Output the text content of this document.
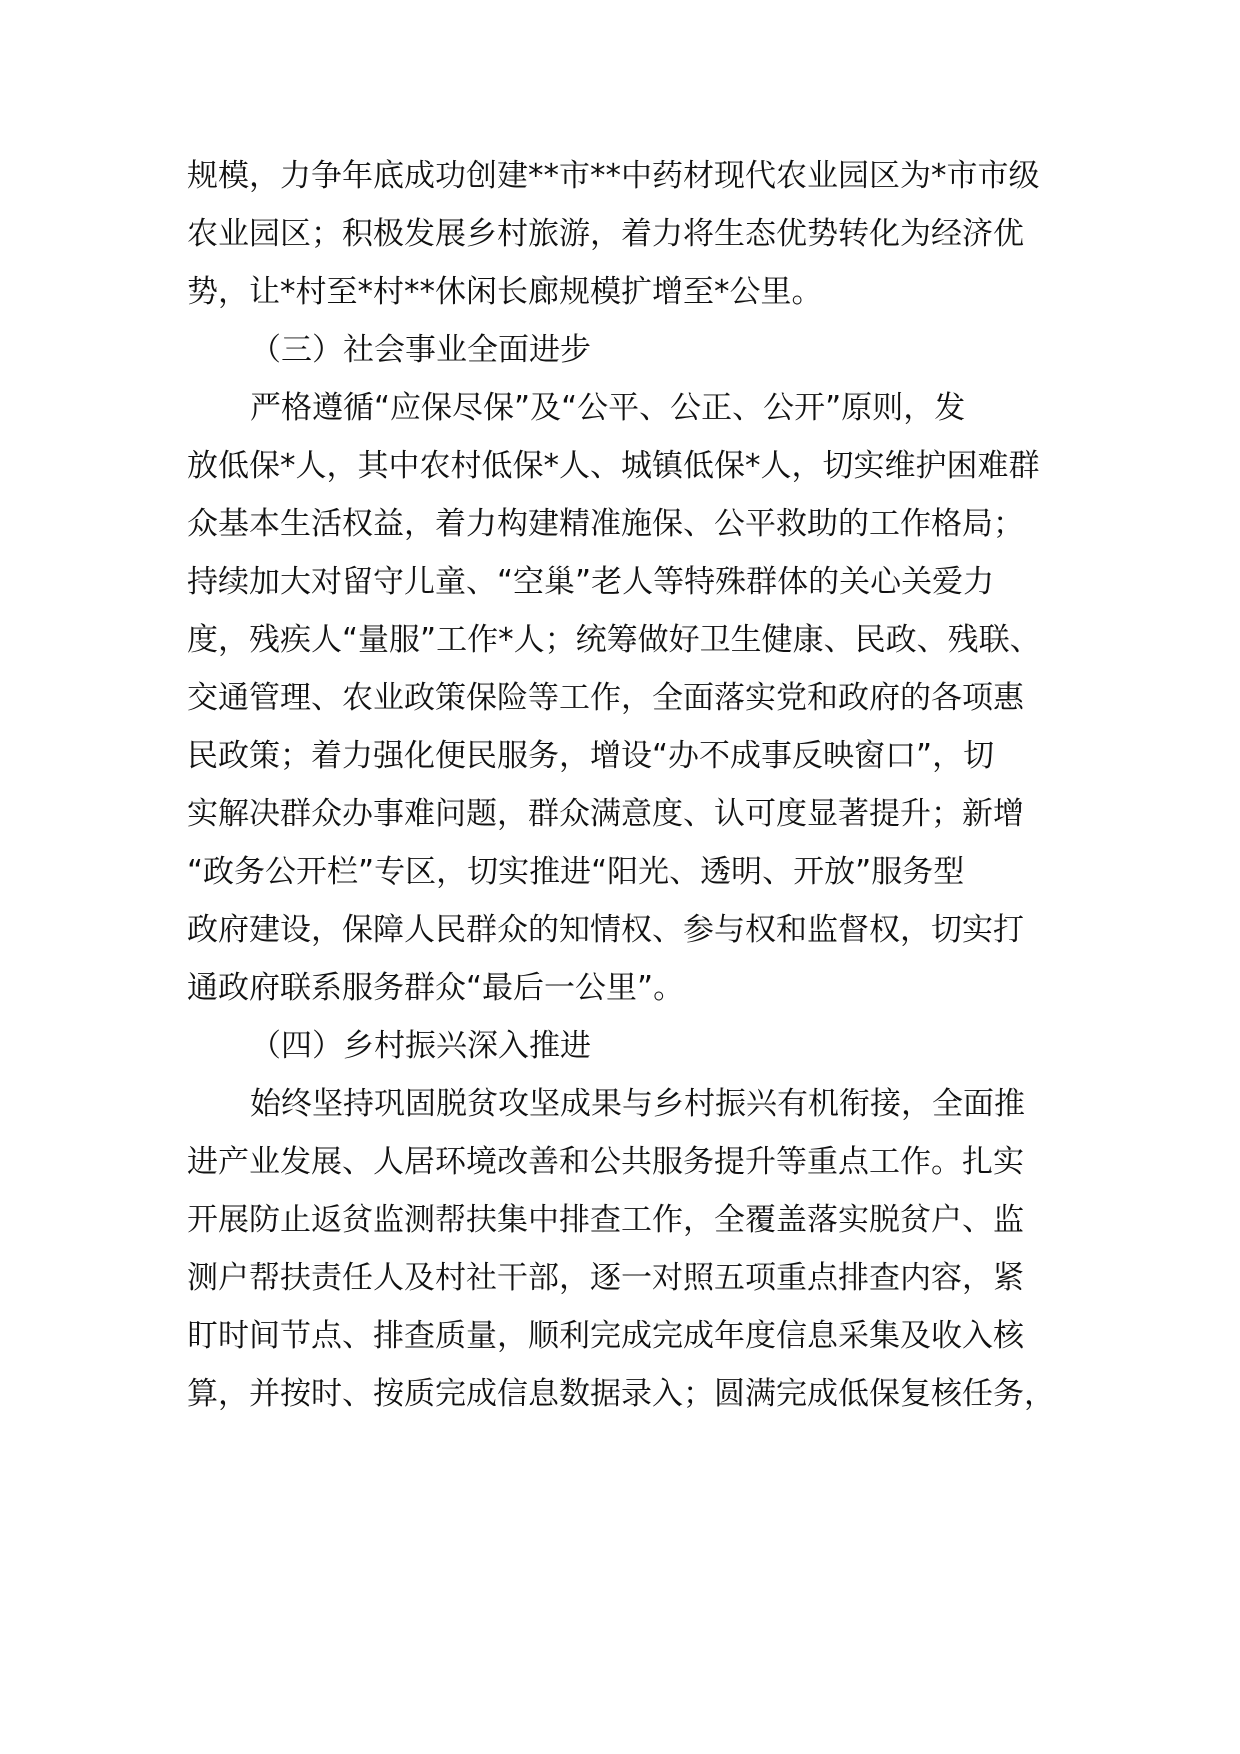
规模，力争年底成功创建**市**中药材现代农业园区为*市市级
农业园区；积极发展乡村旅游，着力将生态优势转化为经济优
势，让*村至*村**休闲长廊规模扩增至*公里。
（三）社会事业全面进步
严格遵循“应保尽保”及“公平、公正、公开”原则，发
放低保*人，其中农村低保*人、城镇低保*人，切实维护困难群
众基本生活权益，着力构建精准施保、公平救助的工作格局；
持续加大对留守儿童、“空巢”老人等特殊群体的关心关爱力
度，残疾人“量服”工作*人；统筹做好卫生健康、民政、残联、
交通管理、农业政策保险等工作，全面落实党和政府的各项惠
民政策；着力强化便民服务，增设“办不成事反映窗口”，切
实解决群众办事难问题，群众满意度、认可度显著提升；新增
“政务公开栏”专区，切实推进“阳光、透明、开放”服务型
政府建设，保障人民群众的知情权、参与权和监督权，切实打
通政府联系服务群众“最后一公里”。
（四）乡村振兴深入推进
始终坚持巩固脱贫攻坚成果与乡村振兴有机衔接，全面推
进产业发展、人居环境改善和公共服务提升等重点工作。扎实
开展防止返贫监测帮扶集中排查工作，全覆盖落实脱贫户、监
测户帮扶责任人及村社干部，逐一对照五项重点排查内容，紧
盯时间节点、排查质量，顺利完成完成年度信息采集及收入核
算，并按时、按质完成信息数据录入；圆满完成低保复核任务，
